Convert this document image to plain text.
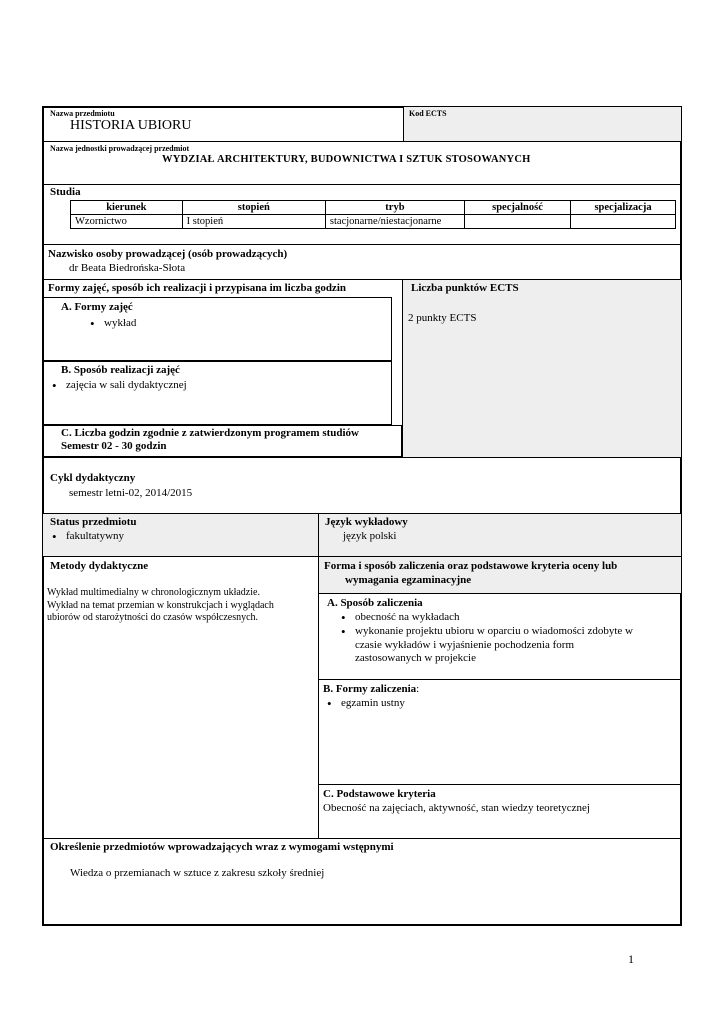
Nazwa przedmiotu
HISTORIA UBIORU
Kod ECTS
Nazwa jednostki prowadzącej przedmiot
WYDZIAŁ ARCHITEKTURY, BUDOWNICTWA I SZTUK STOSOWANYCH
Studia
kierunek	stopień	tryb	specjalność	specjalizacja
Wzornictwo	I stopień	stacjonarne/niestacjonarne		
Nazwisko osoby prowadzącej (osób prowadzących)
dr Beata Biedrońska-Słota
Formy zajęć, sposób ich realizacji i przypisana im liczba godzin	Liczba punktów ECTS
2 punkty ECTS
A. Formy zajęć
• wykład
B. Sposób realizacji zajęć
• zajęcia w sali dydaktycznej
C. Liczba godzin zgodnie z zatwierdzonym programem studiów
Semestr 02 - 30 godzin
Cykl dydaktyczny
semestr letni-02, 2014/2015
Status przedmiotu
• fakultatywny
Język wykładowy
język polski
Metody dydaktyczne
Wykład multimedialny w chronologicznym układzie.
Wykład na temat przemian w konstrukcjach i wyglądach
ubiorów od starożytności do czasów współczesnych.
Forma i sposób zaliczenia oraz podstawowe kryteria oceny lub
wymagania egzaminacyjne
A. Sposób zaliczenia
• obecność na wykładach
• wykonanie projektu ubioru w oparciu o wiadomości zdobyte w
czasie wykładów i wyjaśnienie pochodzenia form
zastosowanych w projekcie
B. Formy zaliczenia:
• egzamin ustny
C. Podstawowe kryteria
Obecność na zajęciach, aktywność, stan wiedzy teoretycznej
Określenie przedmiotów wprowadzających wraz z wymogami wstępnymi
Wiedza o przemianach w sztuce z zakresu szkoły średniej
1
